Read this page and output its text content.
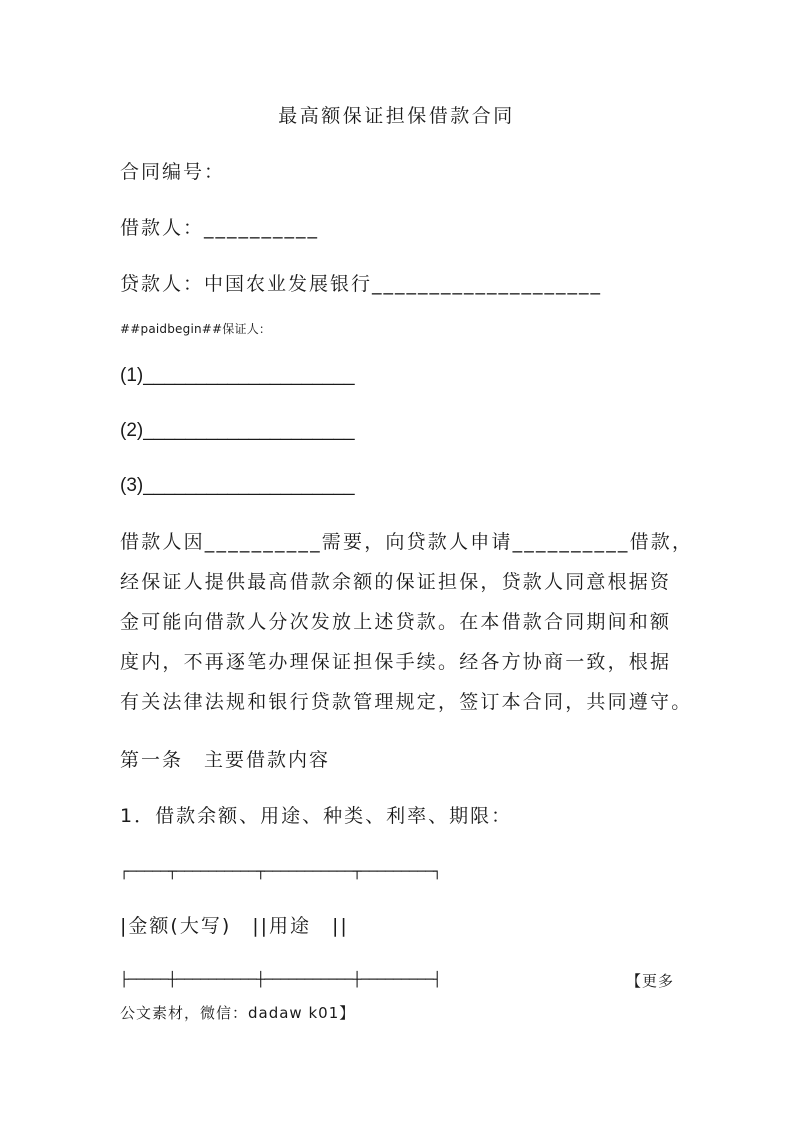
最高额保证担保借款合同
合同编号：
借款人：__________
贷款人：中国农业发展银行____________________
##paidbegin##保证人：
(1)____________________
(2)____________________
(3)____________________
借款人因__________需要，向贷款人申请__________借款，
经保证人提供最高借款余额的保证担保，贷款人同意根据资
金可能向借款人分次发放上述贷款。在本借款合同期间和额
度内，不再逐笔办理保证担保手续。经各方协商一致，根据
有关法律法规和银行贷款管理规定，签订本合同，共同遵守。
第一条　主要借款内容
1．借款余额、用途、种类、利率、期限：
┌─────┬──────────┬───────────┬─────────┐
|金额(大写)　||用途　||
├─────┼──────────┼───────────┼─────────┤	【更多
公文素材，微信：dadaw k01】
